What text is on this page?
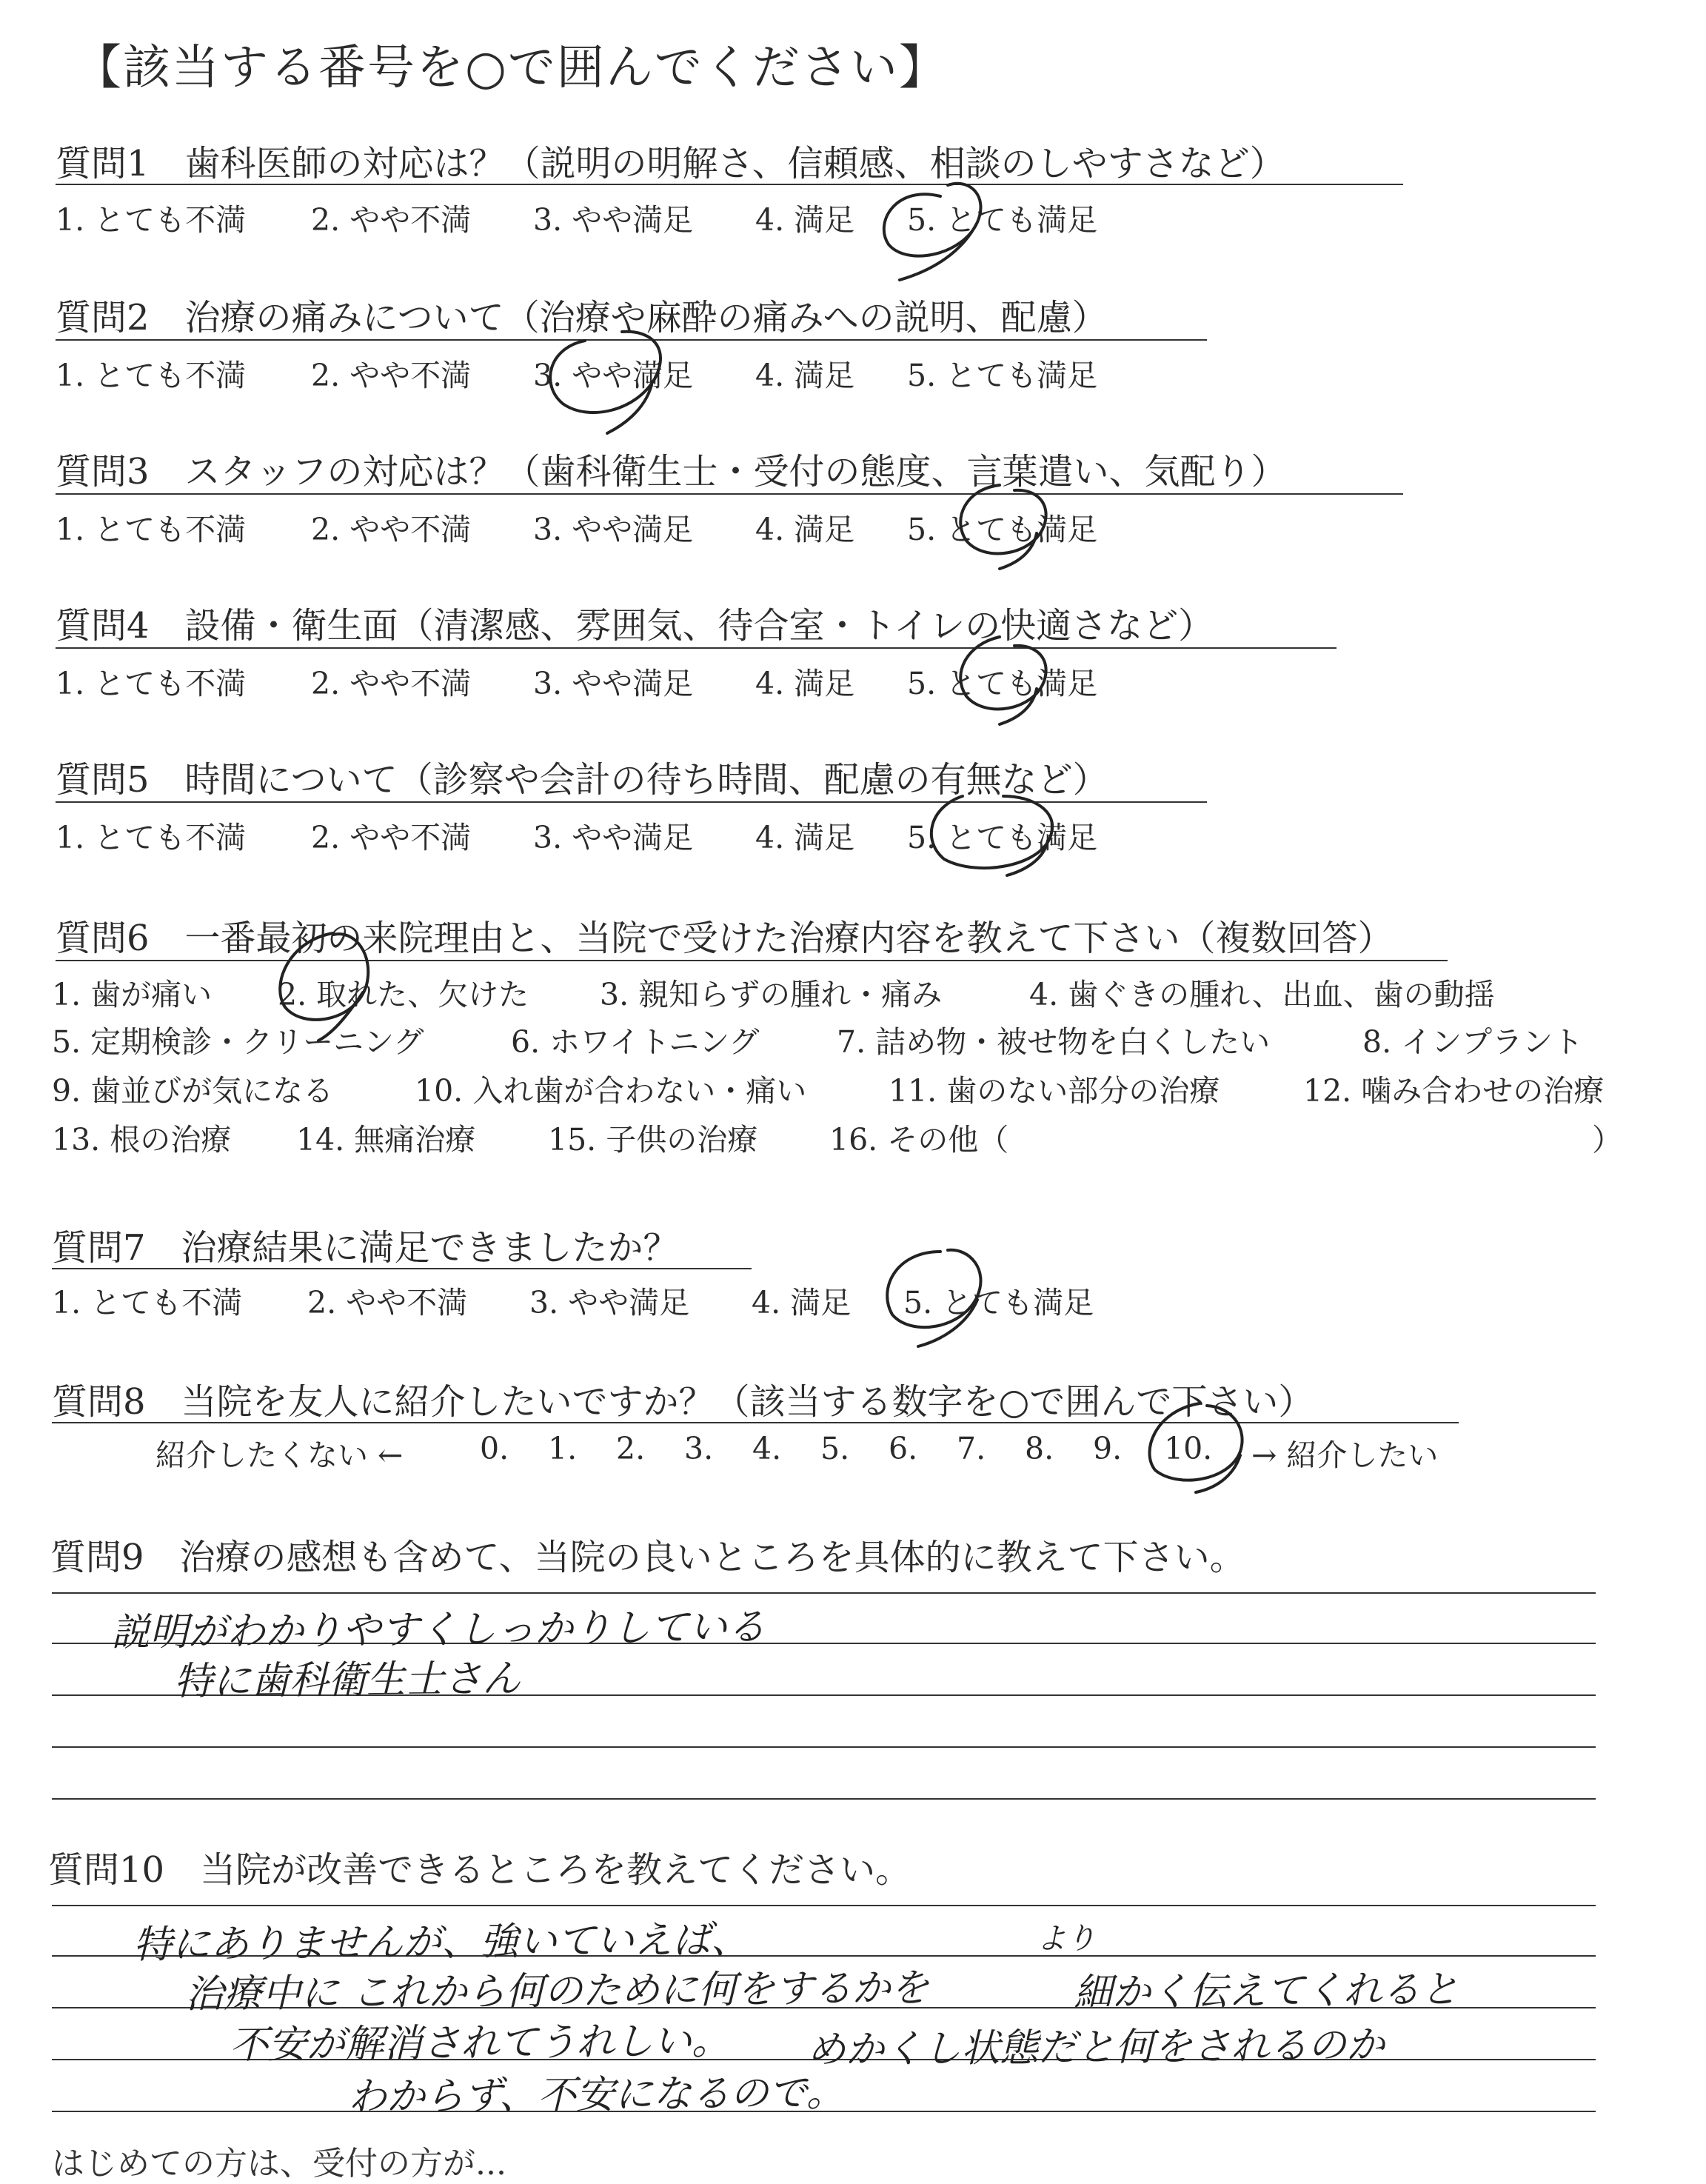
【該当する番号を○で囲んでください】
質問1　歯科医師の対応は？（説明の明解さ、信頼感、相談のしやすさなど）
1. とても不満 2. やや不満 3. やや満足 4. 満足 5. とても満足
質問2　治療の痛みについて（治療や麻酔の痛みへの説明、配慮）
1. とても不満 2. やや不満 3. やや満足 4. 満足 5. とても満足
質問3　スタッフの対応は？（歯科衛生士・受付の態度、言葉遣い、気配り）
1. とても不満 2. やや不満 3. やや満足 4. 満足 5. とても満足
質問4　設備・衛生面（清潔感、雰囲気、待合室・トイレの快適さなど）
1. とても不満 2. やや不満 3. やや満足 4. 満足 5. とても満足
質問5　時間について（診察や会計の待ち時間、配慮の有無など）
1. とても不満 2. やや不満 3. やや満足 4. 満足 5. とても満足
質問6　一番最初の来院理由と、当院で受けた治療内容を教えて下さい（複数回答）
1. 歯が痛い 2. 取れた、欠けた 3. 親知らずの腫れ・痛み	4. 歯ぐきの腫れ、出血、歯の動揺
5. 定期検診・クリーニング	6. ホワイトニング	7. 詰め物・被せ物を白くしたい	8. インプラント
9. 歯並びが気になる	10. 入れ歯が合わない・痛い	11. 歯のない部分の治療	12. 噛み合わせの治療
13. 根の治療 14. 無痛治療 15. 子供の治療 16. その他（	）
質問7　治療結果に満足できましたか？
1. とても不満 2. やや不満 3. やや満足 4. 満足 5. とても満足
質問8　当院を友人に紹介したいですか？（該当する数字を○で囲んで下さい）
紹介したくない ←	0. 1. 2. 3. 4. 5. 6. 7. 8. 9. 10. → 紹介したい
質問9　治療の感想も含めて、当院の良いところを具体的に教えて下さい。
説明がわかりやすくしっかりしている
特に歯科衛生士さん
質問10　当院が改善できるところを教えてください。
特にありませんが、強いていえば、
治療中に これから何のために何をするかを
より
細かく伝えてくれると
不安が解消されてうれしい。 めかくし状態だと何をされるのか
わからず、不安になるので。
はじめての方は、受付の方が...
